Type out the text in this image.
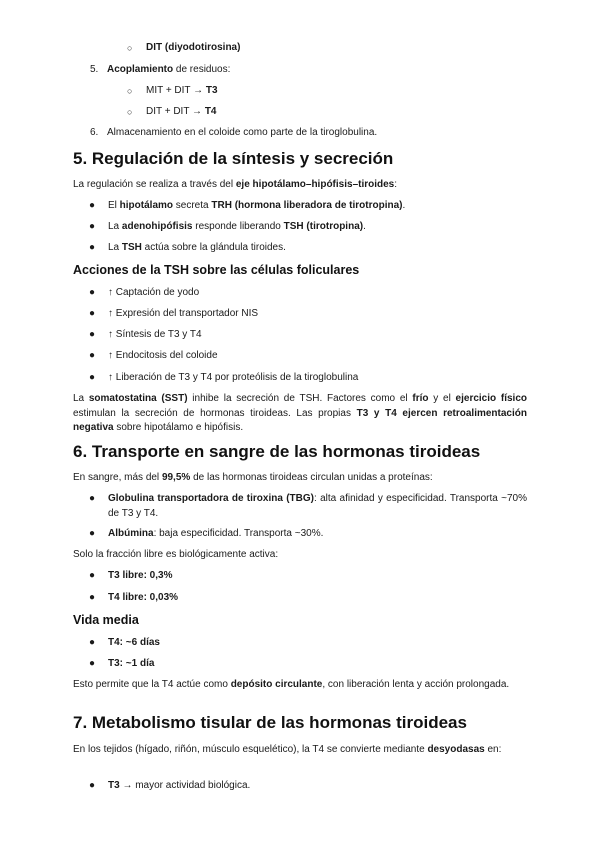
○ DIT (diyodotirosina)
5. Acoplamiento de residuos:
○ MIT + DIT → T3
○ DIT + DIT → T4
6. Almacenamiento en el coloide como parte de la tiroglobulina.
5. Regulación de la síntesis y secreción

La regulación se realiza a través del eje hipotálamo–hipófisis–tiroides:

● El hipotálamo secreta TRH (hormona liberadora de tirotropina).
● La adenohipófisis responde liberando TSH (tirotropina).
● La TSH actúa sobre la glándula tiroides.
Acciones de la TSH sobre las células foliculares
● ↑ Captación de yodo
● ↑ Expresión del transportador NIS
● ↑ Síntesis de T3 y T4
● ↑ Endocitosis del coloide
● ↑ Liberación de T3 y T4 por proteólisis de la tiroglobulina

La somatostatina (SST) inhibe la secreción de TSH. Factores como el frío y el ejercicio físico estimulan la secreción de hormonas tiroideas. Las propias T3 y T4 ejercen retroalimentación negativa sobre hipotálamo e hipófisis.

6. Transporte en sangre de las hormonas tiroideas

En sangre, más del 99,5% de las hormonas tiroideas circulan unidas a proteínas:

● Globulina transportadora de tiroxina (TBG): alta afinidad y especificidad. Transporta ~70% de T3 y T4.
● Albúmina: baja especificidad. Transporta ~30%.

Solo la fracción libre es biológicamente activa:

● T3 libre: 0,3%
● T4 libre: 0,03%
Vida media
● T4: ~6 días
● T3: ~1 día

Esto permite que la T4 actúe como depósito circulante, con liberación lenta y acción prolongada.

7. Metabolismo tisular de las hormonas tiroideas

En los tejidos (hígado, riñón, músculo esquelético), la T4 se convierte mediante desyodasas en:

● T3 → mayor actividad biológica.
